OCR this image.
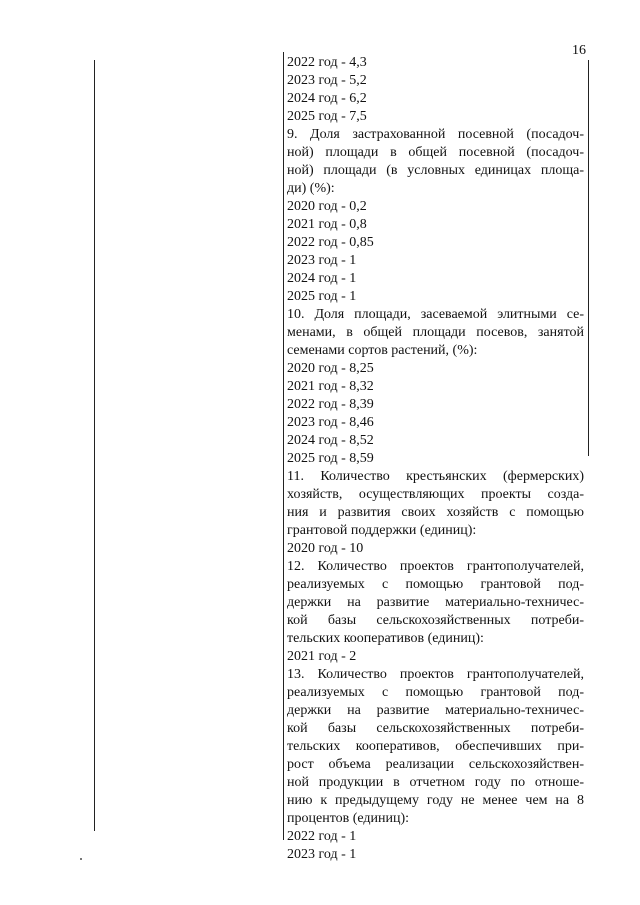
16
2022 год - 4,3
2023 год - 5,2
2024 год - 6,2
2025 год - 7,5
9. Доля застрахованной посевной (посадоч-
ной) площади в общей посевной (посадоч-
ной) площади (в условных единицах площа-
ди) (%):
2020 год - 0,2
2021 год - 0,8
2022 год - 0,85
2023 год - 1
2024 год - 1
2025 год - 1
10. Доля площади, засеваемой элитными се-
менами, в общей площади посевов, занятой
семенами сортов растений, (%):
2020 год - 8,25
2021 год - 8,32
2022 год - 8,39
2023 год - 8,46
2024 год - 8,52
2025 год - 8,59
11. Количество крестьянских (фермерских)
хозяйств, осуществляющих проекты созда-
ния и развития своих хозяйств с помощью
грантовой поддержки (единиц):
2020 год - 10
12. Количество проектов грантополучателей,
реализуемых с помощью грантовой под-
держки на развитие материально-техничес-
кой базы сельскохозяйственных потреби-
тельских кооперативов (единиц):
2021 год - 2
13. Количество проектов грантополучателей,
реализуемых с помощью грантовой под-
держки на развитие материально-техничес-
кой базы сельскохозяйственных потреби-
тельских кооперативов, обеспечивших при-
рост объема реализации сельскохозяйствен-
ной продукции в отчетном году по отноше-
нию к предыдущему году не менее чем на 8
процентов (единиц):
2022 год - 1
2023 год - 1
